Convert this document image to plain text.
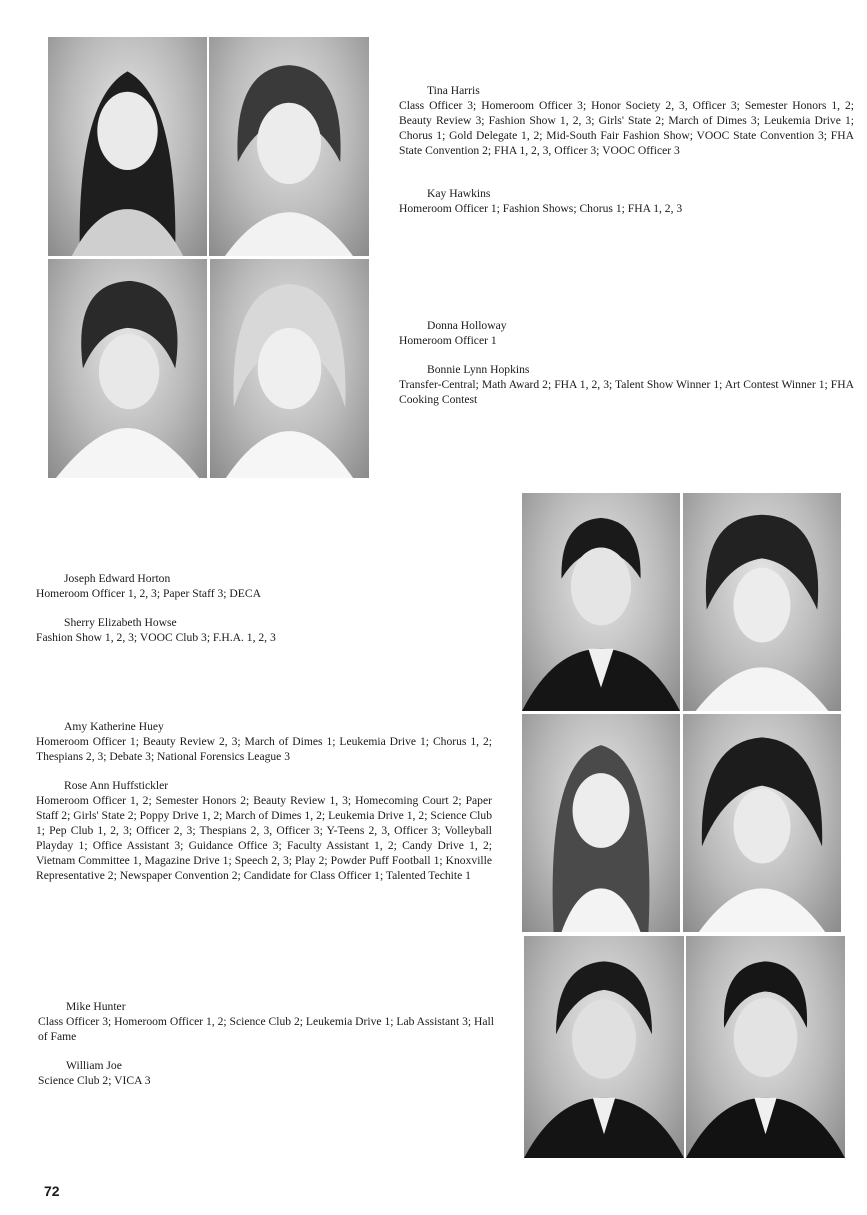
Tina Harris
Class Officer 3; Homeroom Officer 3; Honor Society 2, 3, Officer 3; Semester Honors 1, 2; Beauty Review 3; Fashion Show 1, 2, 3; Girls' State 2; March of Dimes 3; Leukemia Drive 1; Chorus 1; Gold Delegate 1, 2; Mid-South Fair Fashion Show; VOOC State Convention 3; FHA State Convention 2; FHA 1, 2, 3, Officer 3; VOOC Officer 3
Kay Hawkins
Homeroom Officer 1; Fashion Shows; Chorus 1; FHA 1, 2, 3
Donna Holloway
Homeroom Officer 1
Bonnie Lynn Hopkins
Transfer-Central; Math Award 2; FHA 1, 2, 3; Talent Show Winner 1; Art Contest Winner 1; FHA Cooking Contest
Joseph Edward Horton
Homeroom Officer 1, 2, 3; Paper Staff 3; DECA
Sherry Elizabeth Howse
Fashion Show 1, 2, 3; VOOC Club 3; F.H.A. 1, 2, 3
Amy Katherine Huey
Homeroom Officer 1; Beauty Review 2, 3; March of Dimes 1; Leukemia Drive 1; Chorus 1, 2; Thespians 2, 3; Debate 3; National Forensics League 3
Rose Ann Huffstickler
Homeroom Officer 1, 2; Semester Honors 2; Beauty Review 1, 3; Homecoming Court 2; Paper Staff 2; Girls' State 2; Poppy Drive 1, 2; March of Dimes 1, 2; Leukemia Drive 1, 2; Science Club 1; Pep Club 1, 2, 3; Officer 2, 3; Thespians 2, 3, Officer 3; Y-Teens 2, 3, Officer 3; Volleyball Playday 1; Office Assistant 3; Guidance Office 3; Faculty Assistant 1, 2; Candy Drive 1, 2; Vietnam Committee 1, Magazine Drive 1; Speech 2, 3; Play 2; Powder Puff Football 1; Knoxville Representative 2; Newspaper Convention 2; Candidate for Class Officer 1; Talented Techite 1
Mike Hunter
Class Officer 3; Homeroom Officer 1, 2; Science Club 2; Leukemia Drive 1; Lab Assistant 3; Hall of Fame
William Joe
Science Club 2; VICA 3
72
